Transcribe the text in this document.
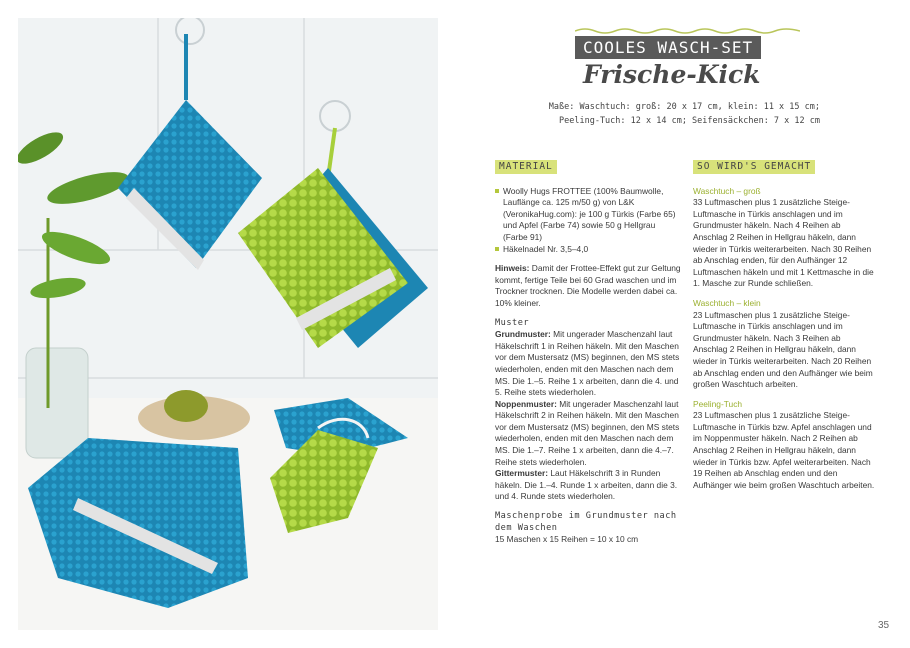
COOLES WASCH-SET
Frische-Kick
Maße: Waschtuch: groß: 20 x 17 cm, klein: 11 x 15 cm;
Peeling-Tuch: 12 x 14 cm; Seifensäckchen: 7 x 12 cm
MATERIAL
Woolly Hugs FROTTEE (100% Baumwolle, Lauflänge ca. 125 m/50 g) von L&K (VeronikaHug.com): je 100 g Türkis (Farbe 65) und Apfel (Farbe 74) sowie 50 g Hellgrau (Farbe 91)
Häkelnadel Nr. 3,5–4,0

Hinweis: Damit der Frottee-Effekt gut zur Geltung kommt, fertige Teile bei 60 Grad waschen und im Trockner trocknen. Die Modelle werden dabei ca. 10% kleiner.

Muster

Grundmuster: Mit ungerader Maschenzahl laut Häkelschrift 1 in Reihen häkeln. Mit den Maschen vor dem Mustersatz (MS) beginnen, den MS stets wiederholen, enden mit den Maschen nach dem MS. Die 1.–5. Reihe 1 x arbeiten, dann die 4. und 5. Reihe stets wiederholen.

Noppenmuster: Mit ungerader Maschenzahl laut Häkelschrift 2 in Reihen häkeln. Mit den Maschen vor dem Mustersatz (MS) beginnen, den MS stets wiederholen, enden mit den Maschen nach dem MS. Die 1.–7. Reihe 1 x arbeiten, dann die 4.–7. Reihe stets wiederholen.

Gittermuster: Laut Häkelschrift 3 in Runden häkeln. Die 1.–4. Runde 1 x arbeiten, dann die 3. und 4. Runde stets wiederholen.

Maschenprobe im Grundmuster nach dem Waschen
15 Maschen x 15 Reihen = 10 x 10 cm
SO WIRD'S GEMACHT

Waschtuch – groß
33 Luftmaschen plus 1 zusätzliche Steige-Luftmasche in Türkis anschlagen und im Grundmuster häkeln. Nach 4 Reihen ab Anschlag 2 Reihen in Hellgrau häkeln, dann wieder in Türkis weiterarbeiten. Nach 30 Reihen ab Anschlag enden, für den Aufhänger 12 Luftmaschen häkeln und mit 1 Kettmasche in die 1. Masche zur Runde schließen.

Waschtuch – klein
23 Luftmaschen plus 1 zusätzliche Steige-Luftmasche in Türkis anschlagen und im Grundmuster häkeln. Nach 3 Reihen ab Anschlag 2 Reihen in Hellgrau häkeln, dann wieder in Türkis weiterarbeiten. Nach 20 Reihen ab Anschlag enden und den Aufhänger wie beim großen Waschtuch arbeiten.

Peeling-Tuch
23 Luftmaschen plus 1 zusätzliche Steige-Luftmasche in Türkis bzw. Apfel anschlagen und im Noppenmuster häkeln. Nach 2 Reihen ab Anschlag 2 Reihen in Hellgrau häkeln, dann wieder in Türkis bzw. Apfel weiterarbeiten. Nach 19 Reihen ab Anschlag enden und den Aufhänger wie beim großen Waschtuch arbeiten.

35
